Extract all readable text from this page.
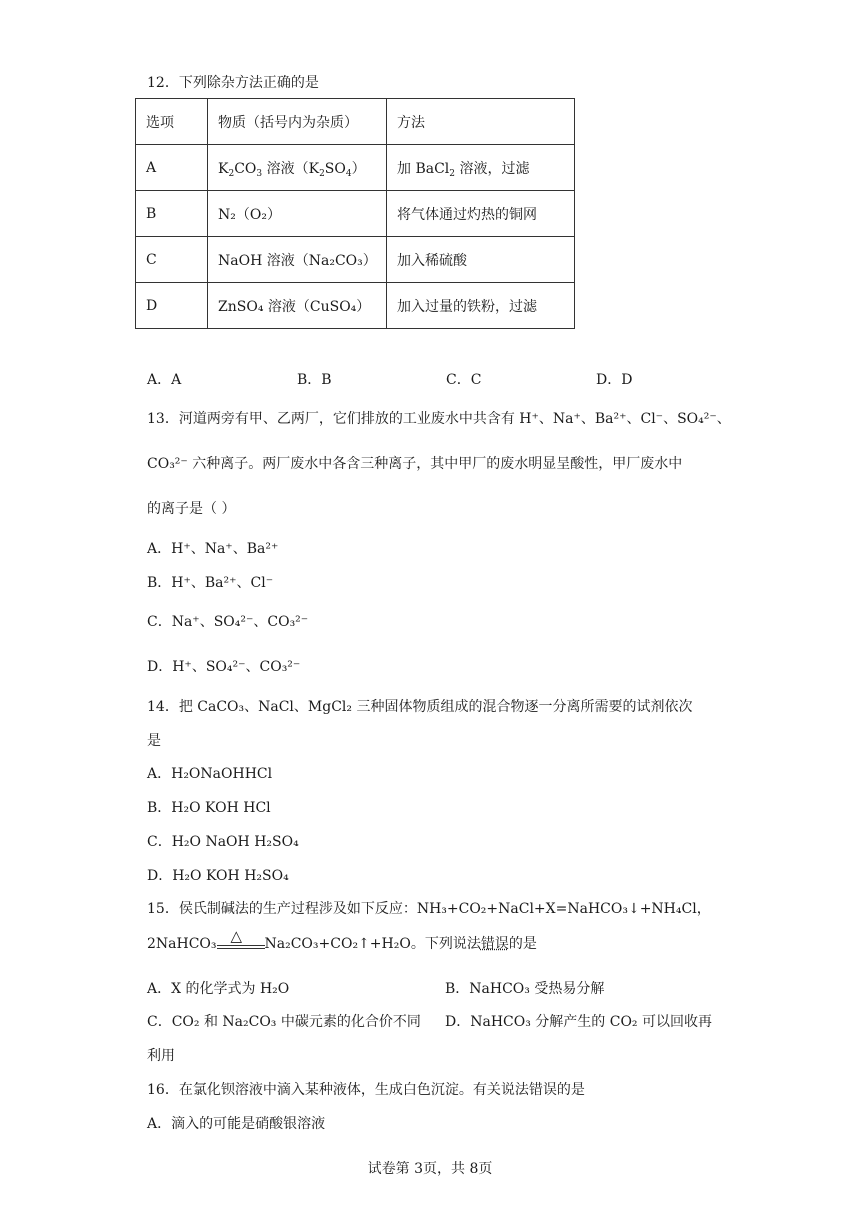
12．下列除杂方法正确的是
选项	物质（括号内为杂质）	方法
A	$K_2CO_3$ 溶液$(K_2SO_4)$	加 BaCl$_2$ 溶液，过滤
B	N₂（O₂）	将气体通过灼热的铜网
C	NaOH 溶液（Na₂CO₃）	加入稀硫酸
D	ZnSO₄ 溶液（CuSO₄）	加入过量的铁粉，过滤
A．A	B．B	C．C	D．D
13．河道两旁有甲、乙两厂，它们排放的工业废水中共含有 H⁺、Na⁺、Ba²⁺、Cl⁻、SO₄²⁻、
CO₃²⁻ 六种离子。两厂废水中各含三种离子，其中甲厂的废水明显呈酸性，甲厂废水中
的离子是（ ）
A．H⁺、Na⁺、Ba²⁺
B．H⁺、Ba²⁺、Cl⁻
C．Na⁺、SO₄²⁻、CO₃²⁻
D．H⁺、SO₄²⁻、CO₃²⁻
14．把 CaCO₃、NaCl、MgCl₂ 三种固体物质组成的混合物逐一分离所需要的试剂依次
是
A．H₂ONaOHHCl
B．H₂O KOH HCl
C．H₂O NaOH H₂SO₄
D．H₂O KOH H₂SO₄
15．侯氏制碱法的生产过程涉及如下反应：NH₃+CO₂+NaCl+X=NaHCO₃↓+NH₄Cl，
2NaHCO₃ △ Na₂CO₃+CO₂↑+H₂O。下列说法错误的是
A．X 的化学式为 H₂O	B．NaHCO₃ 受热易分解
C．CO₂ 和 Na₂CO₃ 中碳元素的化合价不同 D．NaHCO₃ 分解产生的 CO₂ 可以回收再
利用
16．在氯化钡溶液中滴入某种液体，生成白色沉淀。有关说法错误的是
A．滴入的可能是硝酸银溶液
试卷第 3页，共 8页
